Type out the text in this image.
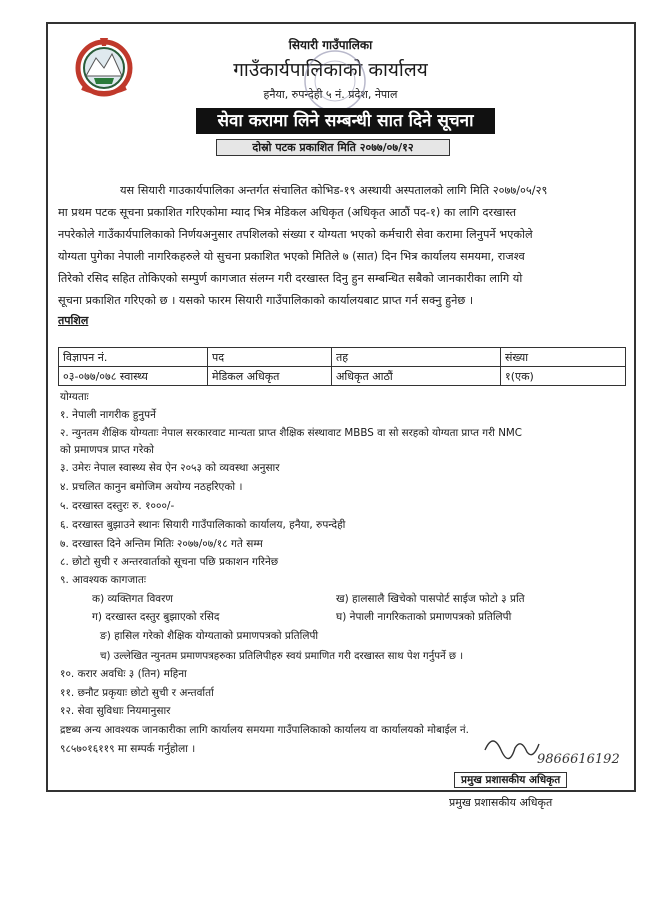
सियारी गाउँपालिका
गाउँकार्यपालिकाको कार्यालय
हनैया, रुपन्देही ५ नं. प्रदेश, नेपाल
सेवा करामा लिने सम्बन्धी सात दिने सूचना
दोस्रो पटक प्रकाशित मिति २०७७/०७/१२
यस सियारी गाउकार्यपालिका अन्तर्गत संचालित कोभिड-१९ अस्थायी अस्पतालको लागि मिति २०७७/०५/२९
मा प्रथम पटक सूचना प्रकाशित गरिएकोमा म्याद भित्र मेडिकल अधिकृत (अधिकृत आठौं पद-१) का लागि दरखास्त
नपरेकोले गाउँकार्यपालिकाको निर्णयअनुसार तपशिलको संख्या र योग्यता भएको कर्मचारी सेवा करामा लिनुपर्ने भएकोले
योग्यता पुगेका नेपाली नागरिकहरुले यो सुचना प्रकाशित भएको मितिले ७ (सात) दिन भित्र कार्यालय समयमा, राजश्व
तिरेको रसिद सहित तोकिएको सम्पुर्ण कागजात संलग्न गरी दरखास्त दिनु हुन सम्बन्धित सबैको जानकारीका लागि यो
सूचना प्रकाशित गरिएको छ । यसको फारम सियारी गाउँपालिकाको कार्यालयबाट प्राप्त गर्न सक्नु हुनेछ ।
तपशिल
विज्ञापन नं.	पद	तह	संख्या
०३-०७७/०७८ स्वास्थ्य	मेडिकल अधिकृत	अधिकृत आठौं	१(एक)
योग्यताः
१. नेपाली नागरीक हुनुपर्ने
२. न्युनतम शैक्षिक योग्यताः नेपाल सरकारवाट मान्यता प्राप्त शैक्षिक संस्थावाट MBBS वा सो सरहको योग्यता प्राप्त गरी NMC
को प्रमाणपत्र प्राप्त गरेको
३. उमेरः नेपाल स्वास्थ्य सेव ऐन २०५३ को व्यवस्था अनुसार
४. प्रचलित कानुन बमोजिम अयोग्य नठहरिएको ।
५. दरखास्त दस्तुरः रु. १०००/-
६. दरखास्त बुझाउने स्थानः सियारी गाउँपालिकाको कार्यालय, हनैया, रुपन्देही
७. दरखास्त दिने अन्तिम मितिः २०७७/०७/१८ गते सम्म
८. छोटो सुची र अन्तरवार्ताको सूचना पछि प्रकाशन गरिनेछ
९. आवश्यक कागजातः
क) व्यक्तिगत विवरण	ख) हालसालै खिचेको पासपोर्ट साईज फोटो ३ प्रति
ग) दरखास्त दस्तुर बुझाएको रसिद	घ) नेपाली नागरिकताको प्रमाणपत्रको प्रतिलिपी
ङ) हासिल गरेको शैक्षिक योग्यताको प्रमाणपत्रको प्रतिलिपी
च) उल्लेखित न्युनतम प्रमाणपत्रहरुका प्रतिलिपीहरु स्वयं प्रमाणित गरी दरखास्त साथ पेश गर्नुपर्ने छ ।
१०. करार अवधिः ३ (तिन) महिना
११. छनौट प्रकृयाः छोटो सुची र अन्तर्वार्ता
१२. सेवा सुविधाः नियमानुसार
द्रष्टब्य अन्य आवश्यक जानकारीका लागि कार्यालय समयमा गाउँपालिकाको कार्यालय वा कार्यालयको मोबाईल नं.
९८५७०१६११९ मा सम्पर्क गर्नुहोला ।
9866616192
प्रमुख प्रशासकीय अधिकृत
प्रमुख प्रशासकीय अधिकृत
